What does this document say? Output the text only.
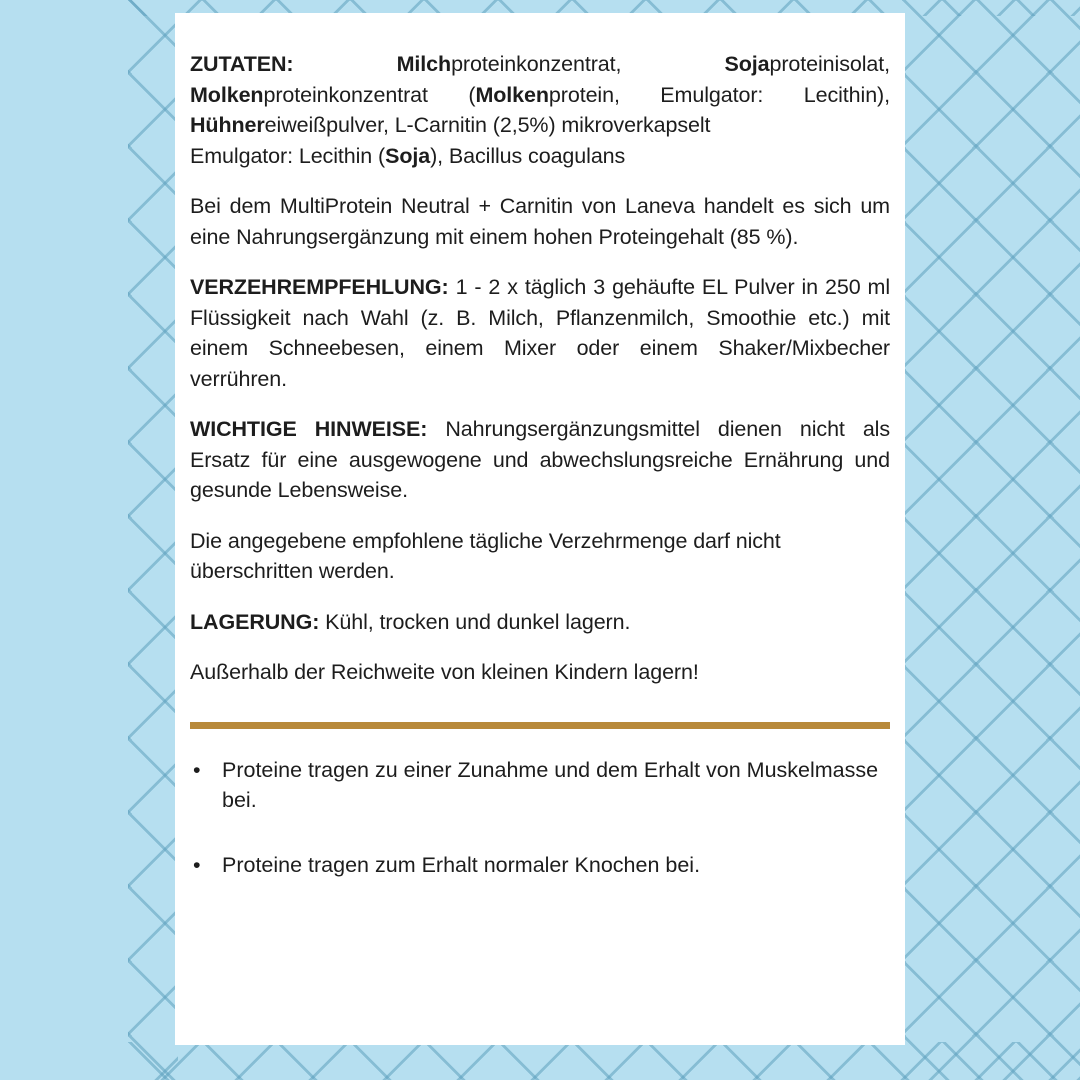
ZUTATEN:	Milchproteinkonzentrat, Sojaproteinisolat, Molkenproteinkonzentrat (Molkenprotein, Emulgator: Lecithin), Hühnereiweißpulver, L-Carnitin (2,5%) mikroverkapselt

Emulgator: Lecithin (Soja), Bacillus coagulans

Bei dem MultiProtein Neutral + Carnitin von Laneva handelt es sich um eine Nahrungsergänzung mit einem hohen Proteingehalt (85 %).

VERZEHREMPFEHLUNG: 1 - 2 x täglich 3 gehäufte EL Pulver in 250 ml Flüssigkeit nach Wahl (z. B. Milch, Pflanzenmilch, Smoothie etc.) mit einem Schneebesen, einem Mixer oder einem Shaker/Mixbecher verrühren.

WICHTIGE HINWEISE: Nahrungsergänzungsmittel dienen nicht als Ersatz für eine ausgewogene und abwechslungsreiche Ernährung und gesunde Lebensweise.

Die angegebene empfohlene tägliche Verzehrmenge darf nicht überschritten werden.

LAGERUNG: Kühl, trocken und dunkel lagern.

Außerhalb der Reichweite von kleinen Kindern lagern!

• Proteine tragen zu einer Zunahme und dem Erhalt von Muskelmasse bei.
• Proteine tragen zum Erhalt normaler Knochen bei.
